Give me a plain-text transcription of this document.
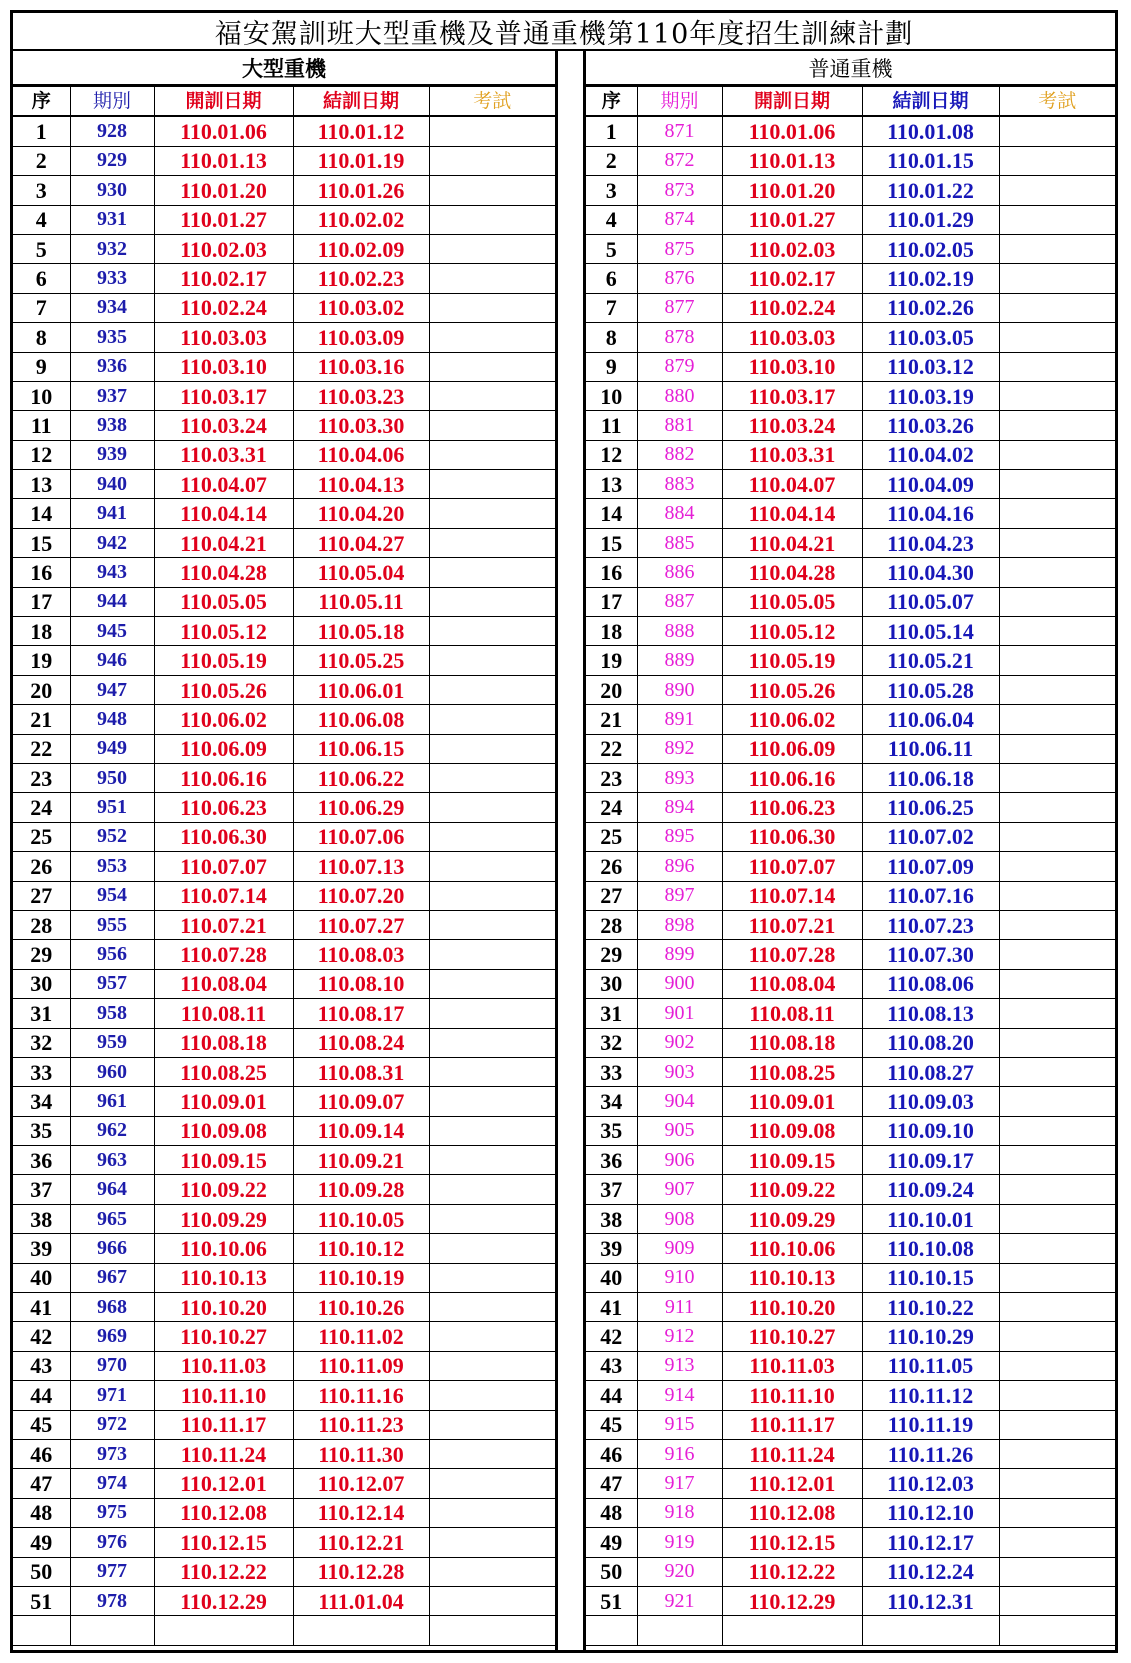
福安駕訓班大型重機及普通重機第110年度招生訓練計劃
大型重機
序	期別	開訓日期	結訓日期	考試
1	928	110.01.06	110.01.12	
2	929	110.01.13	110.01.19	
3	930	110.01.20	110.01.26	
4	931	110.01.27	110.02.02	
5	932	110.02.03	110.02.09	
6	933	110.02.17	110.02.23	
7	934	110.02.24	110.03.02	
8	935	110.03.03	110.03.09	
9	936	110.03.10	110.03.16	
10	937	110.03.17	110.03.23	
11	938	110.03.24	110.03.30	
12	939	110.03.31	110.04.06	
13	940	110.04.07	110.04.13	
14	941	110.04.14	110.04.20	
15	942	110.04.21	110.04.27	
16	943	110.04.28	110.05.04	
17	944	110.05.05	110.05.11	
18	945	110.05.12	110.05.18	
19	946	110.05.19	110.05.25	
20	947	110.05.26	110.06.01	
21	948	110.06.02	110.06.08	
22	949	110.06.09	110.06.15	
23	950	110.06.16	110.06.22	
24	951	110.06.23	110.06.29	
25	952	110.06.30	110.07.06	
26	953	110.07.07	110.07.13	
27	954	110.07.14	110.07.20	
28	955	110.07.21	110.07.27	
29	956	110.07.28	110.08.03	
30	957	110.08.04	110.08.10	
31	958	110.08.11	110.08.17	
32	959	110.08.18	110.08.24	
33	960	110.08.25	110.08.31	
34	961	110.09.01	110.09.07	
35	962	110.09.08	110.09.14	
36	963	110.09.15	110.09.21	
37	964	110.09.22	110.09.28	
38	965	110.09.29	110.10.05	
39	966	110.10.06	110.10.12	
40	967	110.10.13	110.10.19	
41	968	110.10.20	110.10.26	
42	969	110.10.27	110.11.02	
43	970	110.11.03	110.11.09	
44	971	110.11.10	110.11.16	
45	972	110.11.17	110.11.23	
46	973	110.11.24	110.11.30	
47	974	110.12.01	110.12.07	
48	975	110.12.08	110.12.14	
49	976	110.12.15	110.12.21	
50	977	110.12.22	110.12.28	
51	978	110.12.29	111.01.04	

普通重機
序	期別	開訓日期	結訓日期	考試
1	871	110.01.06	110.01.08	
2	872	110.01.13	110.01.15	
3	873	110.01.20	110.01.22	
4	874	110.01.27	110.01.29	
5	875	110.02.03	110.02.05	
6	876	110.02.17	110.02.19	
7	877	110.02.24	110.02.26	
8	878	110.03.03	110.03.05	
9	879	110.03.10	110.03.12	
10	880	110.03.17	110.03.19	
11	881	110.03.24	110.03.26	
12	882	110.03.31	110.04.02	
13	883	110.04.07	110.04.09	
14	884	110.04.14	110.04.16	
15	885	110.04.21	110.04.23	
16	886	110.04.28	110.04.30	
17	887	110.05.05	110.05.07	
18	888	110.05.12	110.05.14	
19	889	110.05.19	110.05.21	
20	890	110.05.26	110.05.28	
21	891	110.06.02	110.06.04	
22	892	110.06.09	110.06.11	
23	893	110.06.16	110.06.18	
24	894	110.06.23	110.06.25	
25	895	110.06.30	110.07.02	
26	896	110.07.07	110.07.09	
27	897	110.07.14	110.07.16	
28	898	110.07.21	110.07.23	
29	899	110.07.28	110.07.30	
30	900	110.08.04	110.08.06	
31	901	110.08.11	110.08.13	
32	902	110.08.18	110.08.20	
33	903	110.08.25	110.08.27	
34	904	110.09.01	110.09.03	
35	905	110.09.08	110.09.10	
36	906	110.09.15	110.09.17	
37	907	110.09.22	110.09.24	
38	908	110.09.29	110.10.01	
39	909	110.10.06	110.10.08	
40	910	110.10.13	110.10.15	
41	911	110.10.20	110.10.22	
42	912	110.10.27	110.10.29	
43	913	110.11.03	110.11.05	
44	914	110.11.10	110.11.12	
45	915	110.11.17	110.11.19	
46	916	110.11.24	110.11.26	
47	917	110.12.01	110.12.03	
48	918	110.12.08	110.12.10	
49	919	110.12.15	110.12.17	
50	920	110.12.22	110.12.24	
51	921	110.12.29	110.12.31	
